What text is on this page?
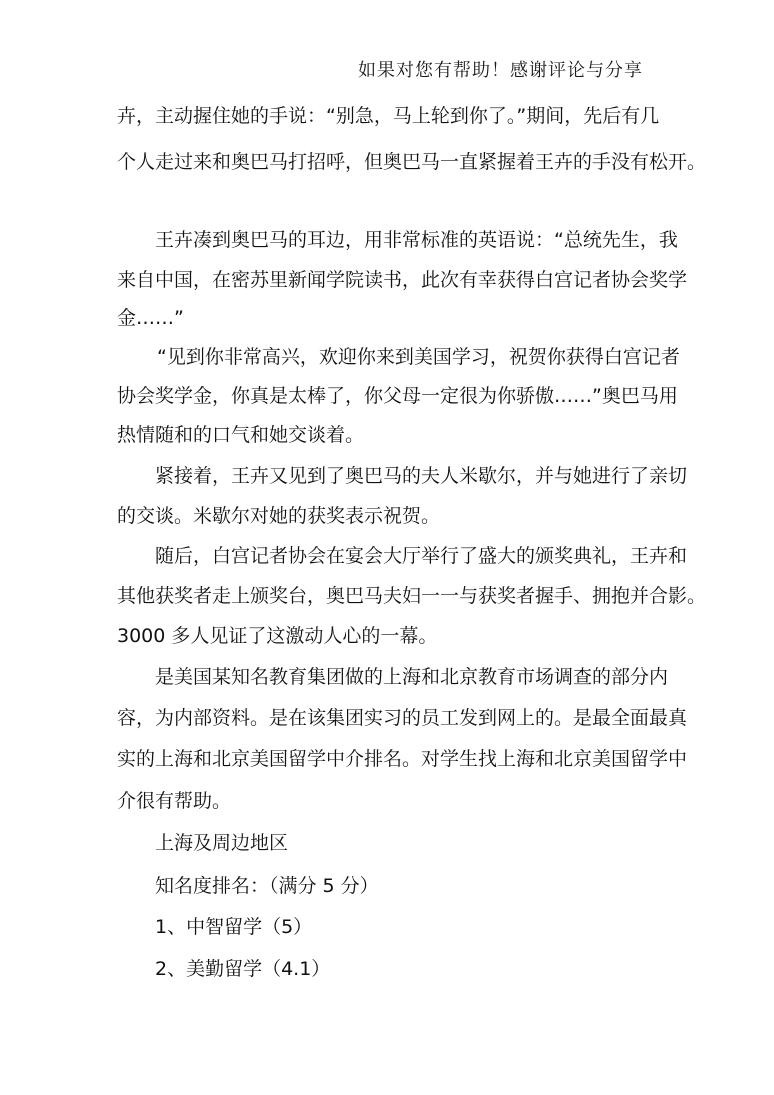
如果对您有帮助！感谢评论与分享
卉，主动握住她的手说：“别急，马上轮到你了。”期间，先后有几
个人走过来和奥巴马打招呼，但奥巴马一直紧握着王卉的手没有松开。
王卉凑到奥巴马的耳边，用非常标准的英语说：“总统先生，我
来自中国，在密苏里新闻学院读书，此次有幸获得白宫记者协会奖学
金……”
“见到你非常高兴，欢迎你来到美国学习，祝贺你获得白宫记者
协会奖学金，你真是太棒了，你父母一定很为你骄傲……”奥巴马用
热情随和的口气和她交谈着。
紧接着，王卉又见到了奥巴马的夫人米歇尔，并与她进行了亲切
的交谈。米歇尔对她的获奖表示祝贺。
随后，白宫记者协会在宴会大厅举行了盛大的颁奖典礼，王卉和
其他获奖者走上颁奖台，奥巴马夫妇一一与获奖者握手、拥抱并合影。
3000 多人见证了这激动人心的一幕。
是美国某知名教育集团做的上海和北京教育市场调查的部分内
容，为内部资料。是在该集团实习的员工发到网上的。是最全面最真
实的上海和北京美国留学中介排名。对学生找上海和北京美国留学中
介很有帮助。
上海及周边地区
知名度排名：（满分 5 分）
1、中智留学（5）
2、美勤留学（4.1）
